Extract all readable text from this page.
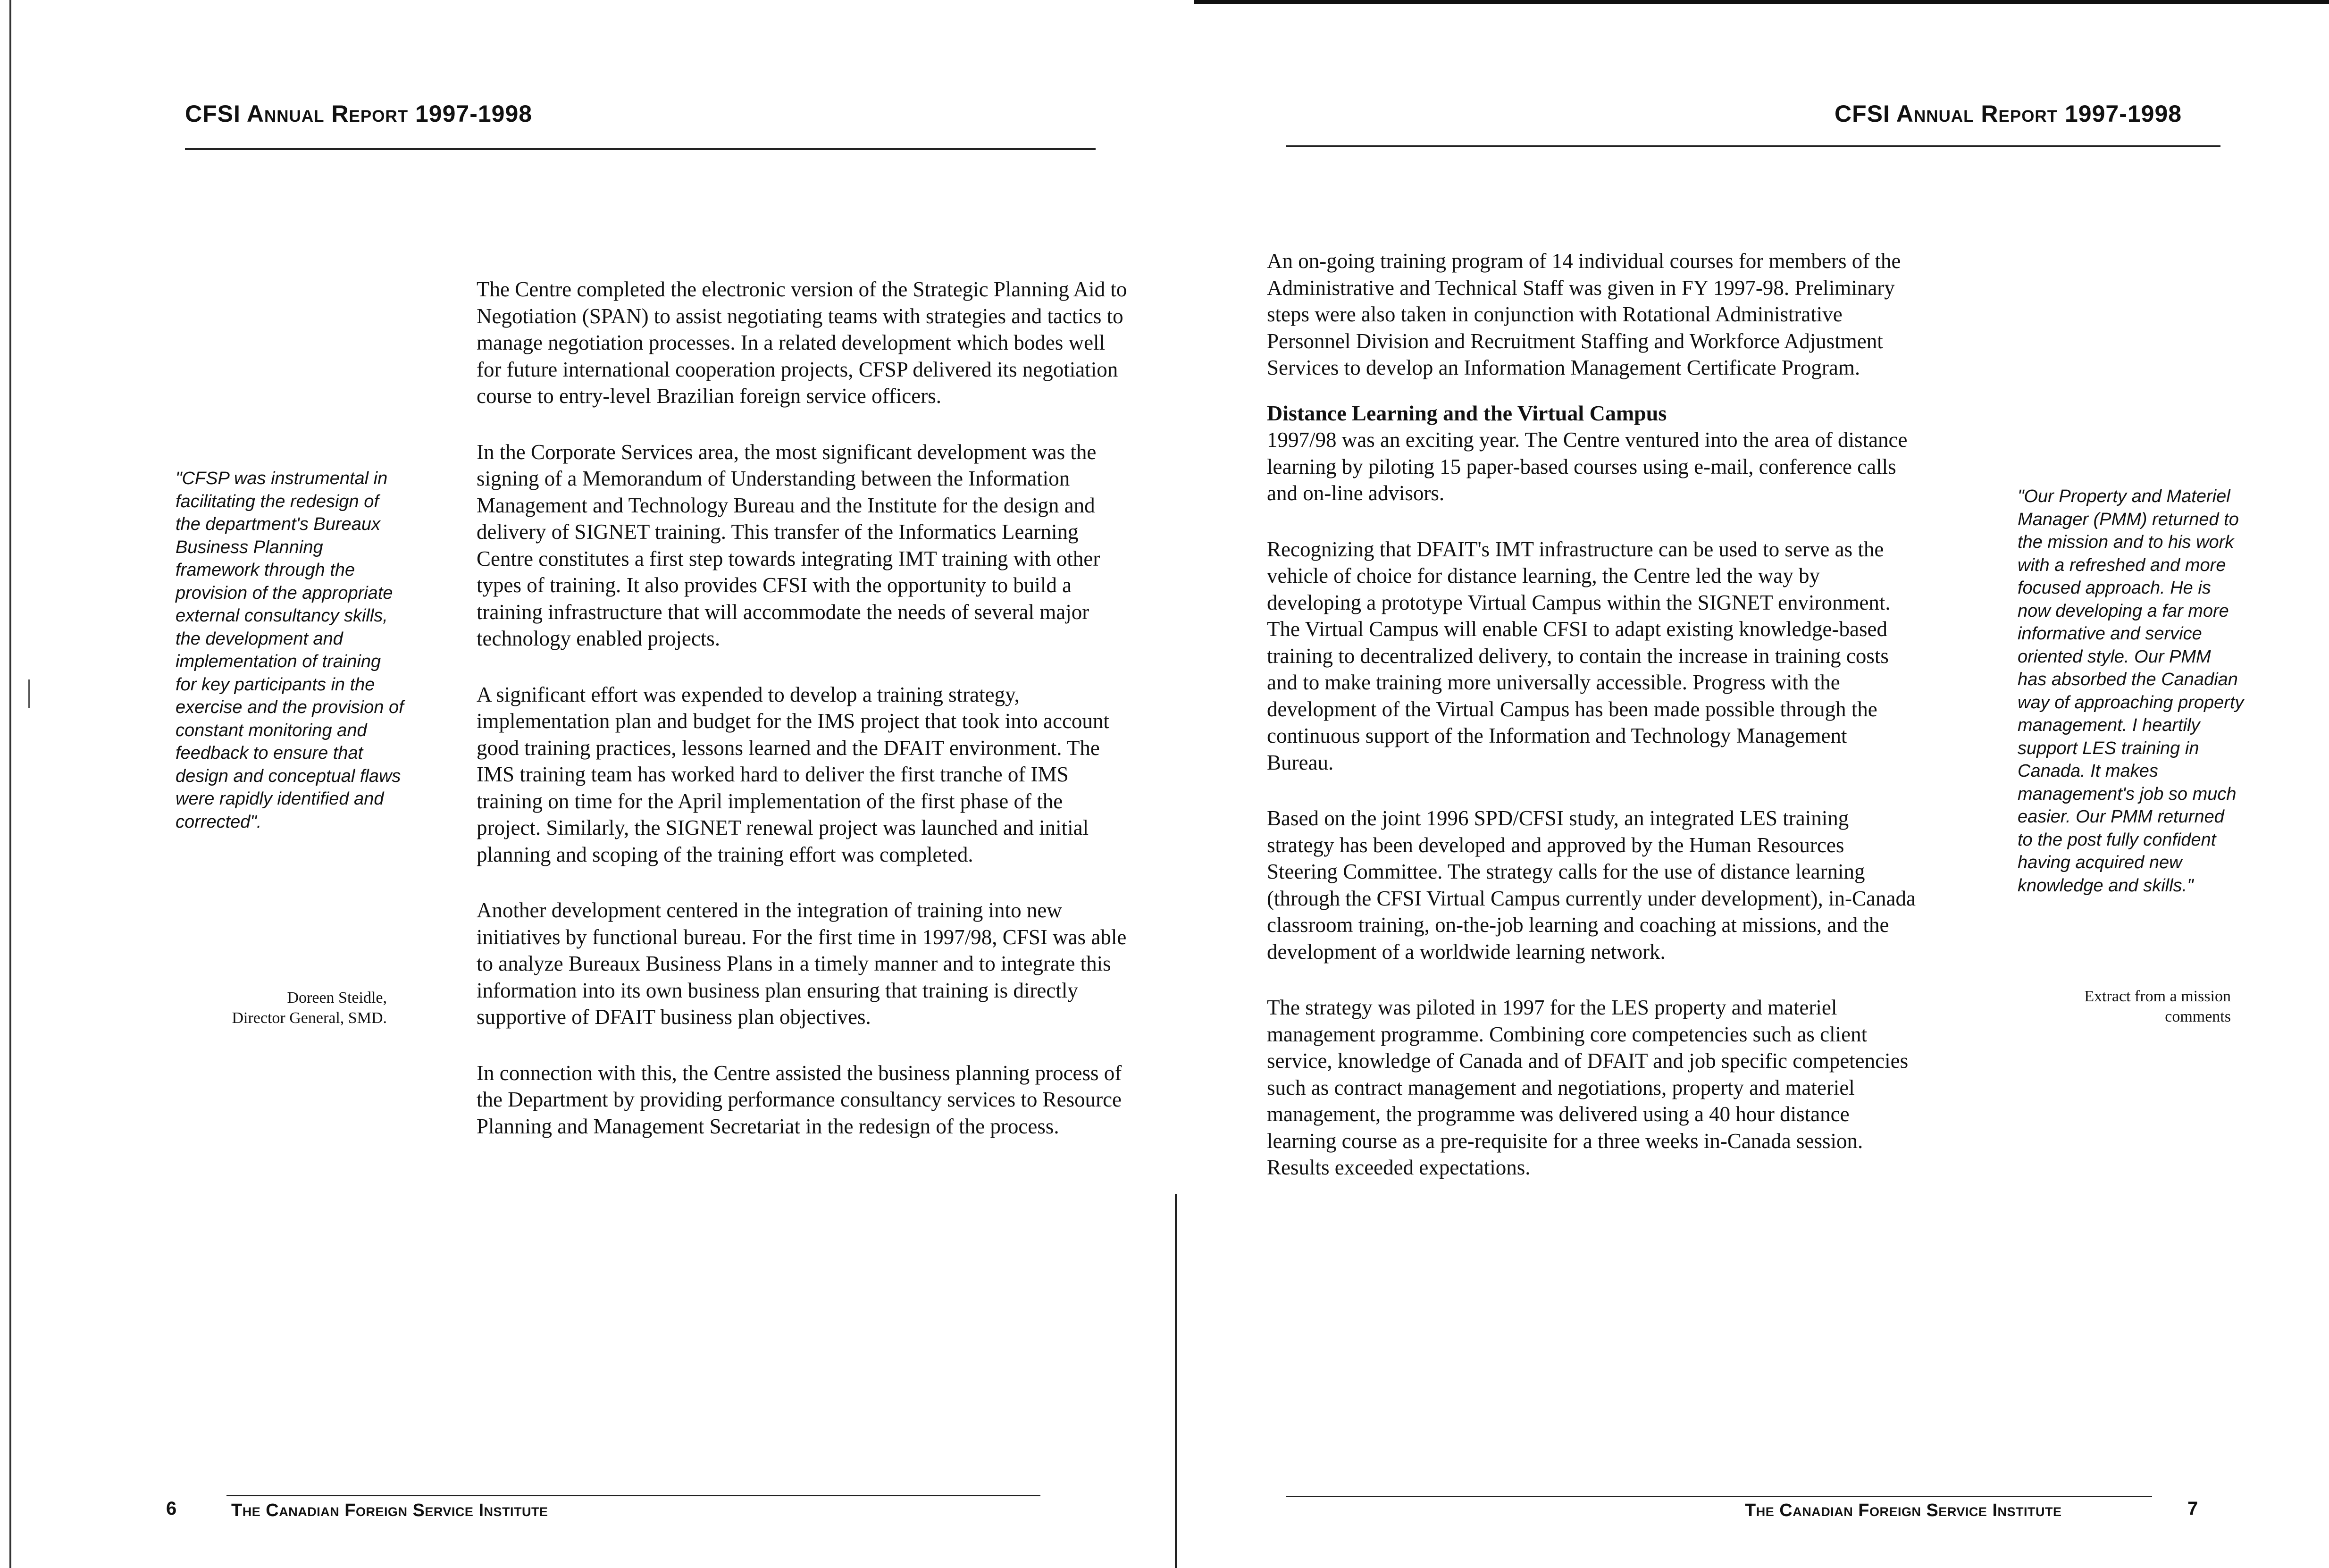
CFSI Annual Report 1997-1998
"CFSP was instrumental in facilitating the redesign of the department's Bureaux Business Planning framework through the provision of the appropriate external consultancy skills, the development and implementation of training for key participants in the exercise and the provision of constant monitoring and feedback to ensure that design and conceptual flaws were rapidly identified and corrected".
Doreen Steidle,
Director General, SMD.

The Centre completed the electronic version of the Strategic Planning Aid to Negotiation (SPAN) to assist negotiating teams with strategies and tactics to manage negotiation processes. In a related development which bodes well for future international cooperation projects, CFSP delivered its negotiation course to entry-level Brazilian foreign service officers.

In the Corporate Services area, the most significant development was the signing of a Memorandum of Understanding between the Information Management and Technology Bureau and the Institute for the design and delivery of SIGNET training. This transfer of the Informatics Learning Centre constitutes a first step towards integrating IMT training with other types of training. It also provides CFSI with the opportunity to build a training infrastructure that will accommodate the needs of several major technology enabled projects.

A significant effort was expended to develop a training strategy, implementation plan and budget for the IMS project that took into account good training practices, lessons learned and the DFAIT environment. The IMS training team has worked hard to deliver the first tranche of IMS training on time for the April implementation of the first phase of the project. Similarly, the SIGNET renewal project was launched and initial planning and scoping of the training effort was completed.

Another development centered in the integration of training into new initiatives by functional bureau. For the first time in 1997/98, CFSI was able to analyze Bureaux Business Plans in a timely manner and to integrate this information into its own business plan ensuring that training is directly supportive of DFAIT business plan objectives.

In connection with this, the Centre assisted the business planning process of the Department by providing performance consultancy services to Resource Planning and Management Secretariat in the redesign of the process.

6	The Canadian Foreign Service Institute
CFSI Annual Report 1997-1998

An on-going training program of 14 individual courses for members of the Administrative and Technical Staff was given in FY 1997-98. Preliminary steps were also taken in conjunction with Rotational Administrative Personnel Division and Recruitment Staffing and Workforce Adjustment Services to develop an Information Management Certificate Program.

Distance Learning and the Virtual Campus

1997/98 was an exciting year. The Centre ventured into the area of distance learning by piloting 15 paper-based courses using e-mail, conference calls and on-line advisors.

Recognizing that DFAIT's IMT infrastructure can be used to serve as the vehicle of choice for distance learning, the Centre led the way by developing a prototype Virtual Campus within the SIGNET environment. The Virtual Campus will enable CFSI to adapt existing knowledge-based training to decentralized delivery, to contain the increase in training costs and to make training more universally accessible. Progress with the development of the Virtual Campus has been made possible through the continuous support of the Information and Technology Management Bureau.

Based on the joint 1996 SPD/CFSI study, an integrated LES training strategy has been developed and approved by the Human Resources Steering Committee. The strategy calls for the use of distance learning (through the CFSI Virtual Campus currently under development), in-Canada classroom training, on-the-job learning and coaching at missions, and the development of a worldwide learning network.

The strategy was piloted in 1997 for the LES property and materiel management programme. Combining core competencies such as client service, knowledge of Canada and of DFAIT and job specific competencies such as contract management and negotiations, property and materiel management, the programme was delivered using a 40 hour distance learning course as a pre-requisite for a three weeks in-Canada session. Results exceeded expectations.

"Our Property and Materiel Manager (PMM) returned to the mission and to his work with a refreshed and more focused approach. He is now developing a far more informative and service oriented style. Our PMM has absorbed the Canadian way of approaching property management. I heartily support LES training in Canada. It makes management's job so much easier. Our PMM returned to the post fully confident having acquired new knowledge and skills."
Extract from a mission
comments
The Canadian Foreign Service Institute	7
